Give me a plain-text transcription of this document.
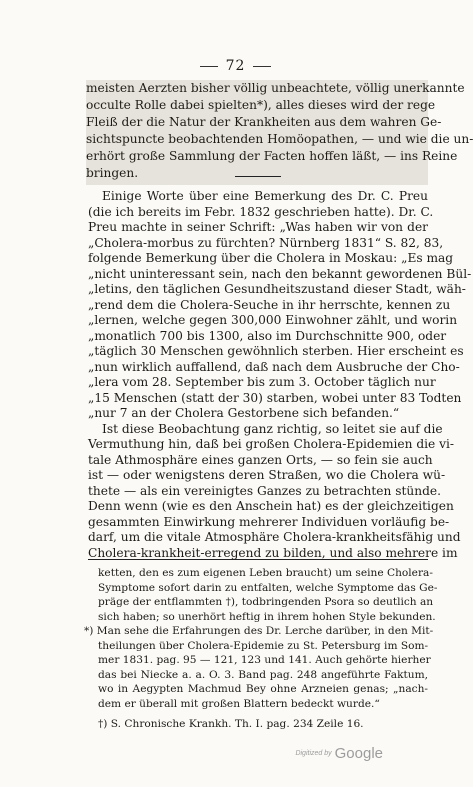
72
meisten Aerzten bisher völlig unbeachtete, völlig unerkannte
occulte Rolle dabei spielten*), alles dieses wird der rege
Fleiß der die Natur der Krankheiten aus dem wahren Ge-
sichtspuncte beobachtenden Homöopathen, — und wie die un-
erhört große Sammlung der Facten hoffen läßt, — ins Reine
bringen.
Einige Worte über eine Bemerkung des Dr. C. Preu
(die ich bereits im Febr. 1832 geschrieben hatte). Dr. C.
Preu machte in seiner Schrift: „Was haben wir von der
„Cholera-morbus zu fürchten? Nürnberg 1831“ S. 82, 83,
folgende Bemerkung über die Cholera in Moskau: „Es mag
„nicht uninteressant sein, nach den bekannt gewordenen Bül-
„letins, den täglichen Gesundheitszustand dieser Stadt, wäh-
„rend dem die Cholera-Seuche in ihr herrschte, kennen zu
„lernen, welche gegen 300,000 Einwohner zählt, und worin
„monatlich 700 bis 1300, also im Durchschnitte 900, oder
„täglich 30 Menschen gewöhnlich sterben. Hier erscheint es
„nun wirklich auffallend, daß nach dem Ausbruche der Cho-
„lera vom 28. September bis zum 3. October täglich nur
„15 Menschen (statt der 30) starben, wobei unter 83 Todten
„nur 7 an der Cholera Gestorbene sich befanden.“
Ist diese Beobachtung ganz richtig, so leitet sie auf die
Vermuthung hin, daß bei großen Cholera-Epidemien die vi-
tale Athmosphäre eines ganzen Orts, — so fein sie auch
ist — oder wenigstens deren Straßen, wo die Cholera wü-
thete — als ein vereinigtes Ganzes zu betrachten stünde.
Denn wenn (wie es den Anschein hat) es der gleichzeitigen
gesammten Einwirkung mehrerer Individuen vorläufig be-
darf, um die vitale Atmosphäre Cholera-krankheitsfähig und
Cholera-krankheit-erregend zu bilden, und also mehrere im
ketten, den es zum eigenen Leben braucht) um seine Cholera-
Symptome sofort darin zu entfalten, welche Symptome das Ge-
präge der entflammten †), todbringenden Psora so deutlich an
sich haben; so unerhört heftig in ihrem hohen Style bekunden.
*) Man sehe die Erfahrungen des Dr. Lerche darüber, in den Mit-
theilungen über Cholera-Epidemie zu St. Petersburg im Som-
mer 1831. pag. 95 — 121, 123 und 141. Auch gehörte hierher
das bei Niecke a. a. O. 3. Band pag. 248 angeführte Faktum,
wo in Aegypten Machmud Bey ohne Arzneien genas; „nach-
dem er überall mit großen Blattern bedeckt wurde.“
†) S. Chronische Krankh. Th. I. pag. 234 Zeile 16.
Digitized by Google
